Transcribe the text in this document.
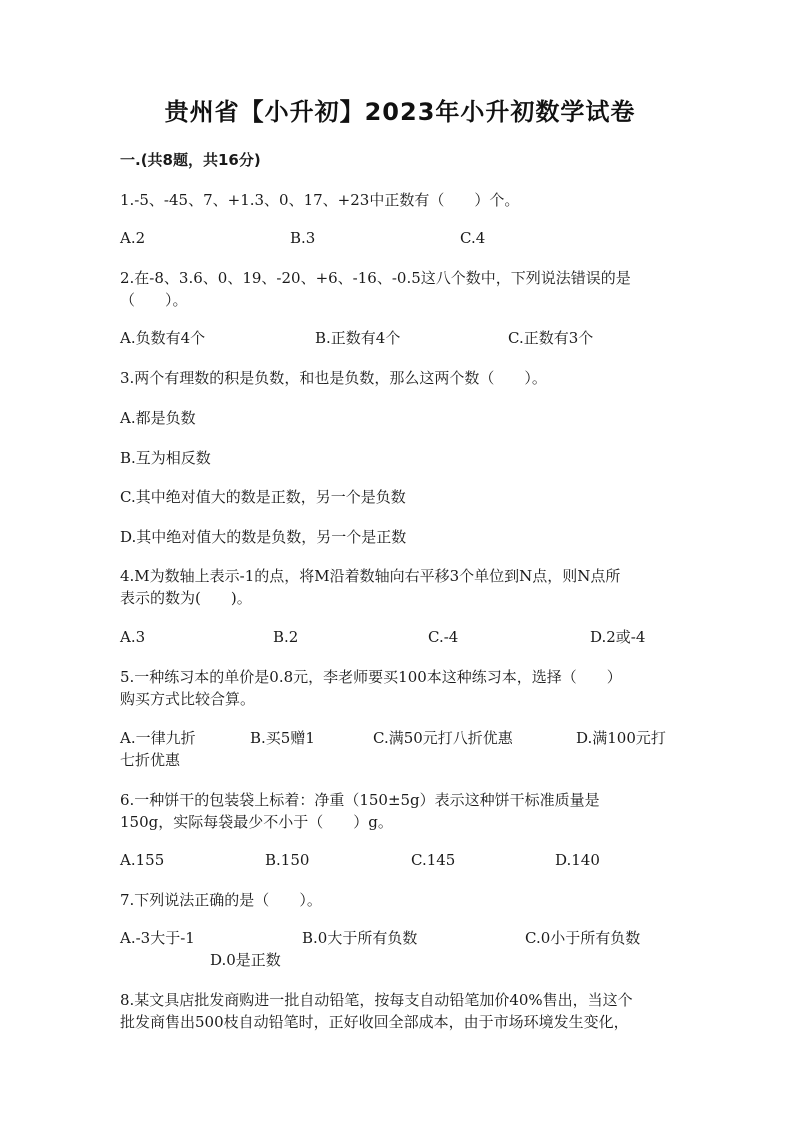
贵州省【小升初】2023年小升初数学试卷
一.(共8题，共16分)
1.-5、-45、7、+1.3、0、17、+23中正数有（　　）个。
A.2	B.3	C.4
2.在-8、3.6、0、19、-20、+6、-16、-0.5这八个数中，下列说法错误的是
（　　）。
A.负数有4个	B.正数有4个	C.正数有3个
3.两个有理数的积是负数，和也是负数，那么这两个数（　　）。
A.都是负数
B.互为相反数
C.其中绝对值大的数是正数，另一个是负数
D.其中绝对值大的数是负数，另一个是正数
4.M为数轴上表示-1的点，将M沿着数轴向右平移3个单位到N点，则N点所
表示的数为(　　)。
A.3	B.2	C.-4	D.2或-4
5.一种练习本的单价是0.8元，李老师要买100本这种练习本，选择（　　）
购买方式比较合算。
A.一律九折	B.买5赠1	C.满50元打八折优惠	D.满100元打
七折优惠
6.一种饼干的包装袋上标着：净重（150±5g）表示这种饼干标准质量是
150g，实际每袋最少不小于（　　）g。
A.155	B.150	C.145	D.140
7.下列说法正确的是（　　）。
A.-3大于-1	B.0大于所有负数	C.0小于所有负数
D.0是正数
8.某文具店批发商购进一批自动铅笔，按每支自动铅笔加价40%售出，当这个
批发商售出500枝自动铅笔时，正好收回全部成本，由于市场环境发生变化，
